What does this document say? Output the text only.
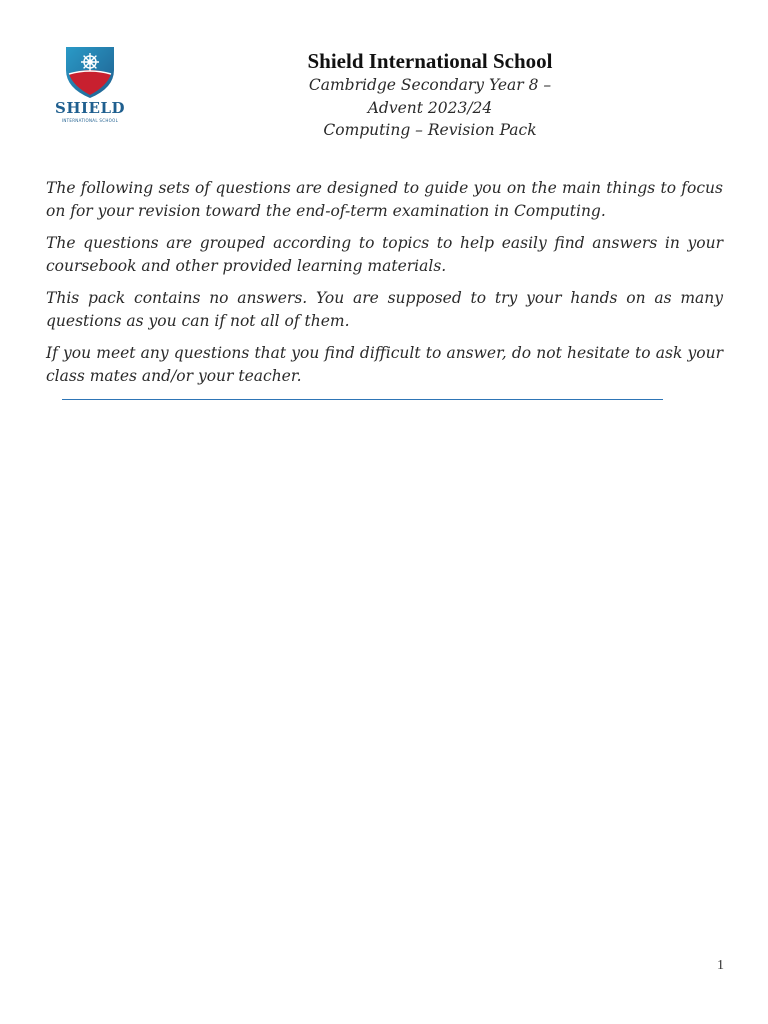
SHIELD
INTERNATIONAL SCHOOL
Shield International School
Cambridge Secondary Year 8 –
Advent 2023/24
Computing – Revision Pack

The following sets of questions are designed to guide you on the main things to focus on for your revision toward the end-of-term examination in Computing.

The questions are grouped according to topics to help easily find answers in your coursebook and other provided learning materials.

This pack contains no answers. You are supposed to try your hands on as many questions as you can if not all of them.

If you meet any questions that you find difficult to answer, do not hesitate to ask your class mates and/or your teacher.

1
